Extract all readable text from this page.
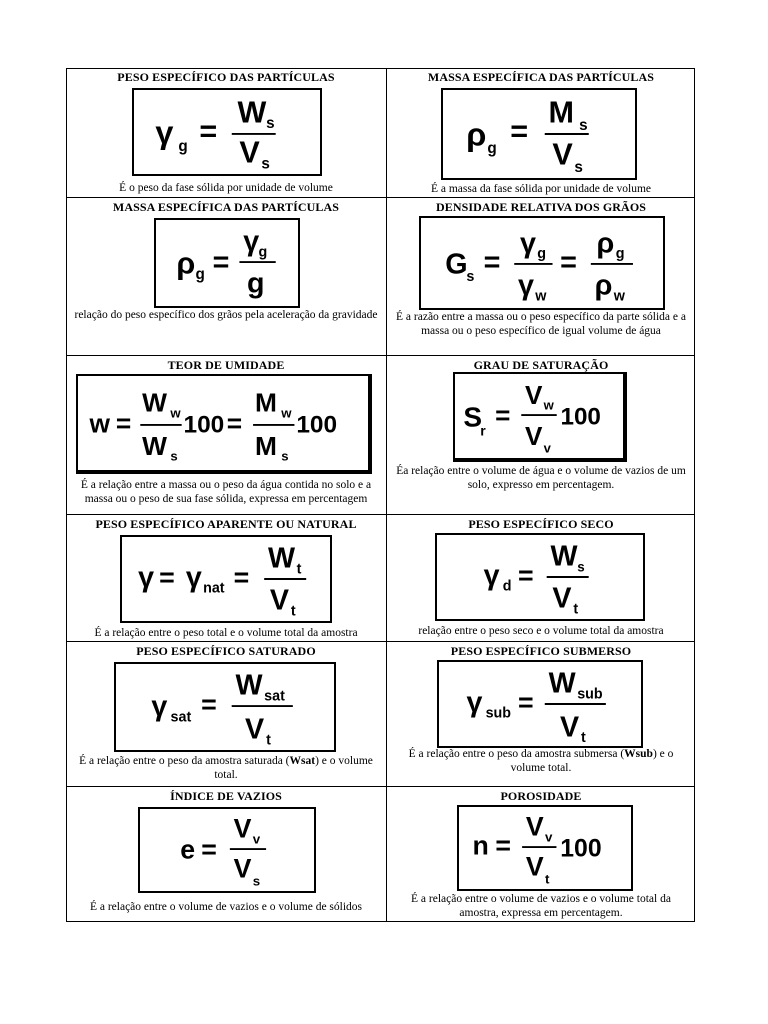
PESO ESPECÍFICO DAS PARTÍCULAS
γ g =
W s
V s
É o peso da fase sólida por unidade de volume
MASSA ESPECÍFICA DAS PARTÍCULAS
ρ g =
M s
V s
É a massa da fase sólida por unidade de volume
MASSA ESPECÍFICA DAS PARTÍCULAS
ρ g =
γ g
g
relação do peso específico dos grãos pela aceleração da gravidade
DENSIDADE RELATIVA DOS GRÃOS
G
s =
γ g
γ w
=
ρ g
ρ w
É a razão entre a massa ou o peso específico da parte sólida e a massa ou o peso específico de igual volume de água
TEOR DE UMIDADE
w =
W w
W s
100 =
M w
M s
100
É a relação entre a massa ou o peso da água contida no solo e a massa ou o peso de sua fase sólida, expressa em percentagem
GRAU DE SATURAÇÃO
S
r
=
V w
V v
100
Éa relação entre o volume de água e o volume de vazios de um solo, expresso em percentagem.
PESO ESPECÍFICO APARENTE OU NATURAL
γ = γ nat =
W t
V t
É a relação entre o peso total e o volume total da amostra
PESO ESPECÍFICO SECO
γ d =
W s
V t
relação entre o peso seco e o volume total da amostra
PESO ESPECÍFICO SATURADO
γ sat =
W sat
V t
É a relação entre o peso da amostra saturada (Wsat) e o volume total.
PESO ESPECÍFICO SUBMERSO
γ sub =
W sub
V t
É a relação entre o peso da amostra submersa (Wsub) e o volume total.
ÍNDICE DE VAZIOS
e =
V v
V s
É a relação entre o volume de vazios e o volume de sólidos
POROSIDADE
n =
V v
V t
100
É a relação entre o volume de vazios e o volume total da amostra, expressa em percentagem.
